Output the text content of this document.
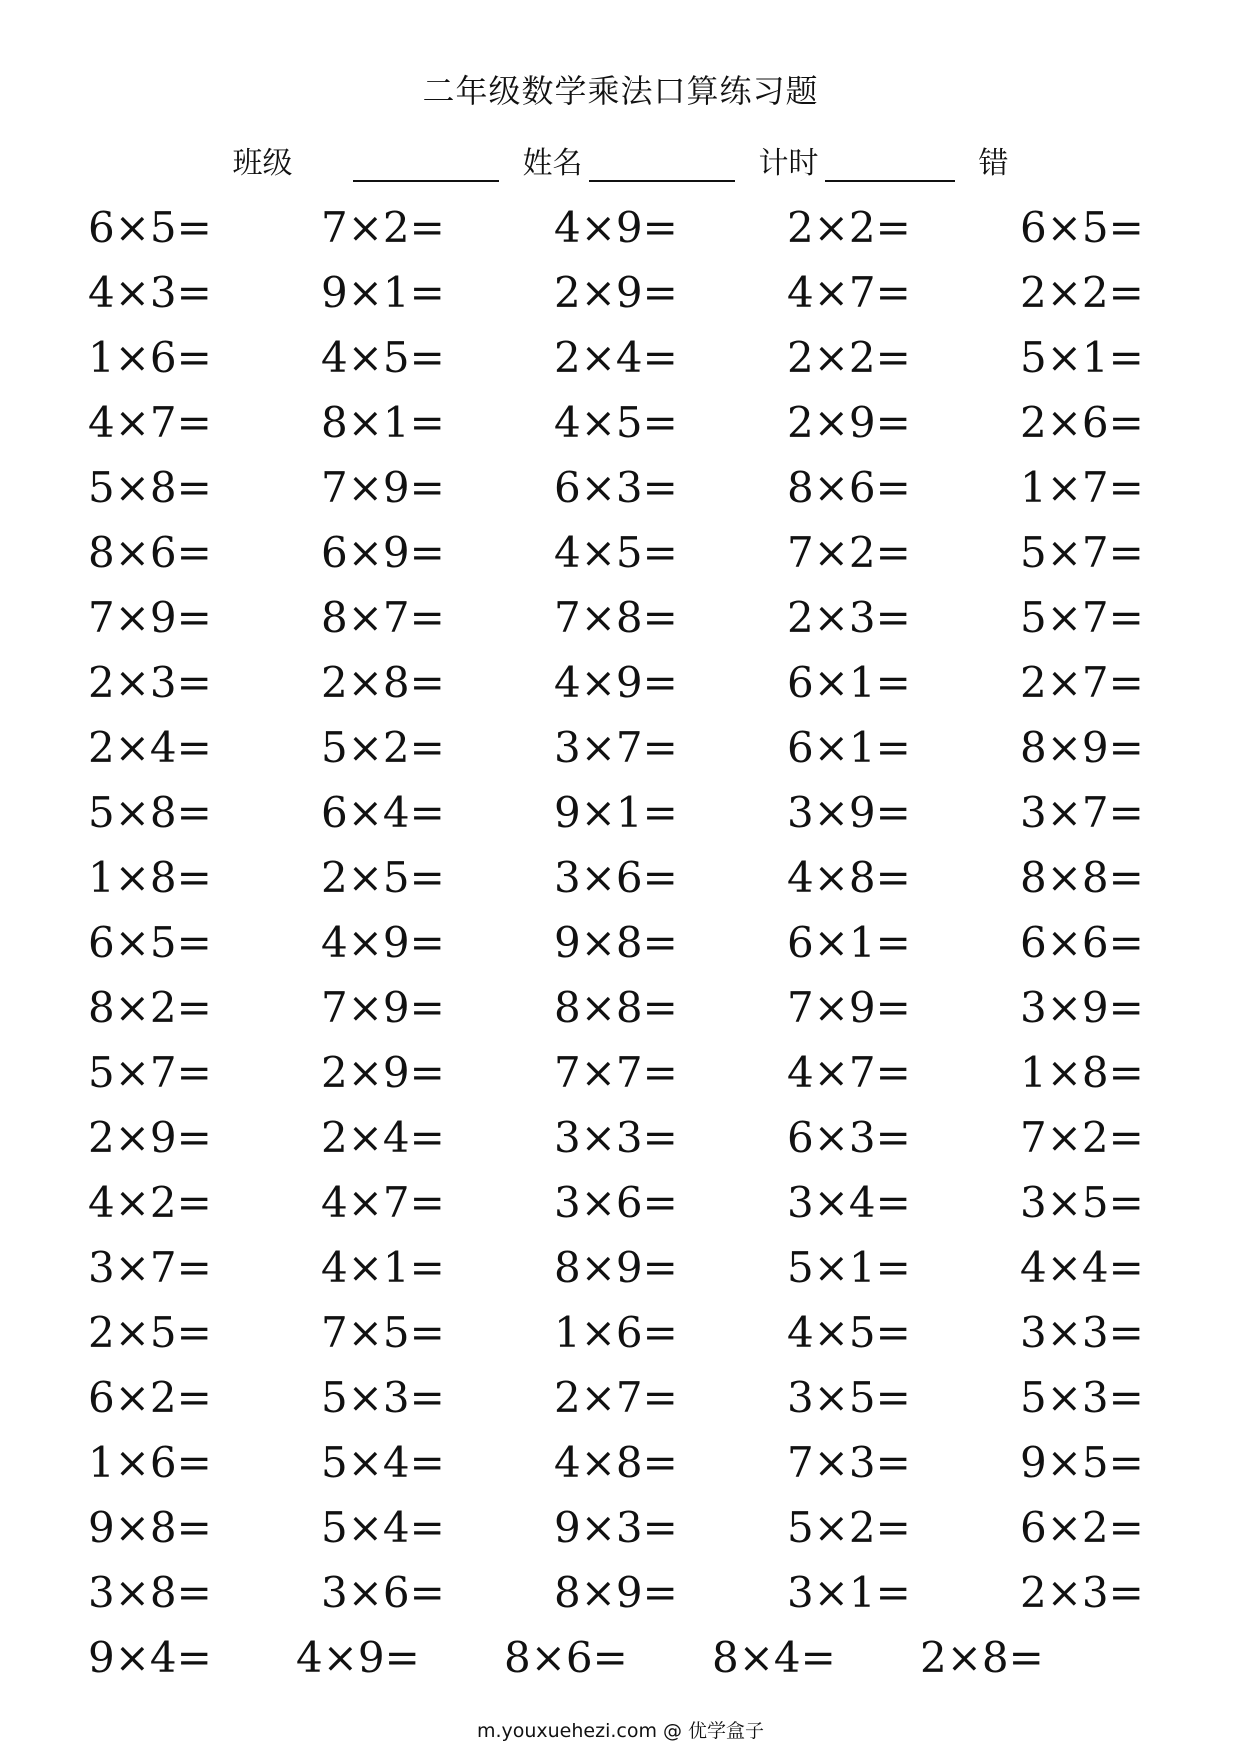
二年级数学乘法口算练习题
班级	姓名	计时	错
6×5=	7×2=	4×9=	2×2=	6×5=
4×3=	9×1=	2×9=	4×7=	2×2=
1×6=	4×5=	2×4=	2×2=	5×1=
4×7=	8×1=	4×5=	2×9=	2×6=
5×8=	7×9=	6×3=	8×6=	1×7=
8×6=	6×9=	4×5=	7×2=	5×7=
7×9=	8×7=	7×8=	2×3=	5×7=
2×3=	2×8=	4×9=	6×1=	2×7=
2×4=	5×2=	3×7=	6×1=	8×9=
5×8=	6×4=	9×1=	3×9=	3×7=
1×8=	2×5=	3×6=	4×8=	8×8=
6×5=	4×9=	9×8=	6×1=	6×6=
8×2=	7×9=	8×8=	7×9=	3×9=
5×7=	2×9=	7×7=	4×7=	1×8=
2×9=	2×4=	3×3=	6×3=	7×2=
4×2=	4×7=	3×6=	3×4=	3×5=
3×7=	4×1=	8×9=	5×1=	4×4=
2×5=	7×5=	1×6=	4×5=	3×3=
6×2=	5×3=	2×7=	3×5=	5×3=
1×6=	5×4=	4×8=	7×3=	9×5=
9×8=	5×4=	9×3=	5×2=	6×2=
3×8=	3×6=	8×9=	3×1=	2×3=
9×4=	4×9=	8×6=	8×4=	2×8=
m.youxuehezi.com @ 优学盒子
